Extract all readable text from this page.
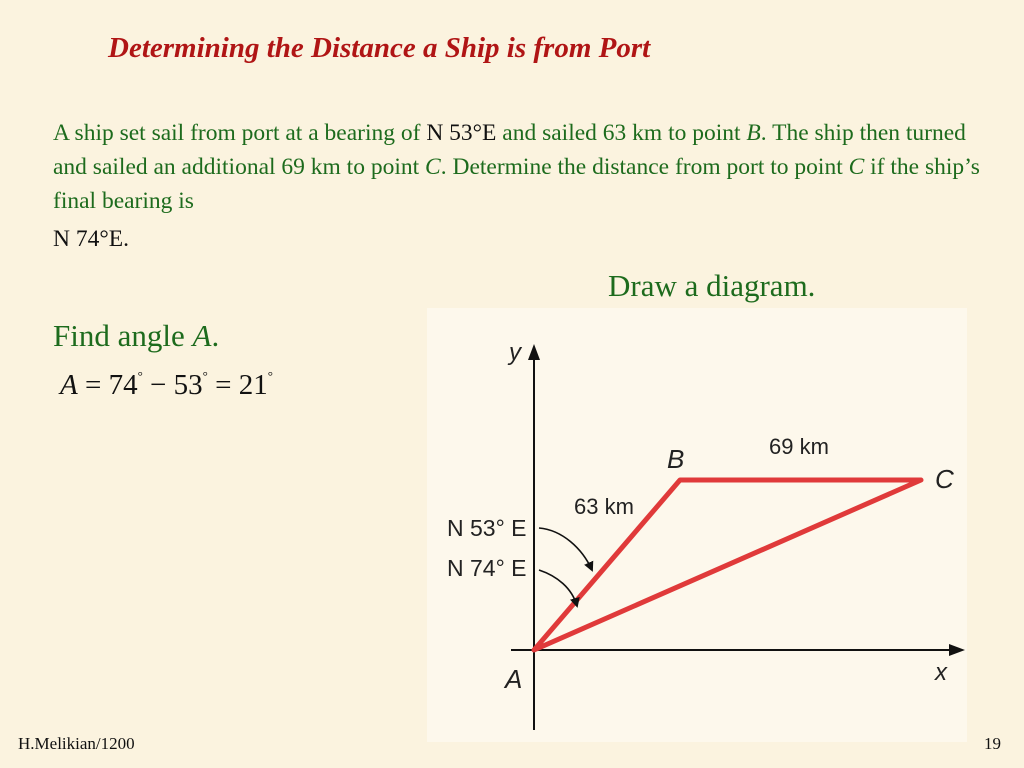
Determining the Distance a Ship is from Port
A ship set sail from port at a bearing of N 53°E and sailed 63 km to point B. The ship then turned and sailed an additional 69 km to point C. Determine the distance from port to point C if the ship’s final bearing is
N 74°E.
Draw a diagram.
Find angle A.
A = 74° − 53° = 21°
y
x
A
B
C
63 km
69 km
N 53° E
N 74° E
H.Melikian/1200	19
